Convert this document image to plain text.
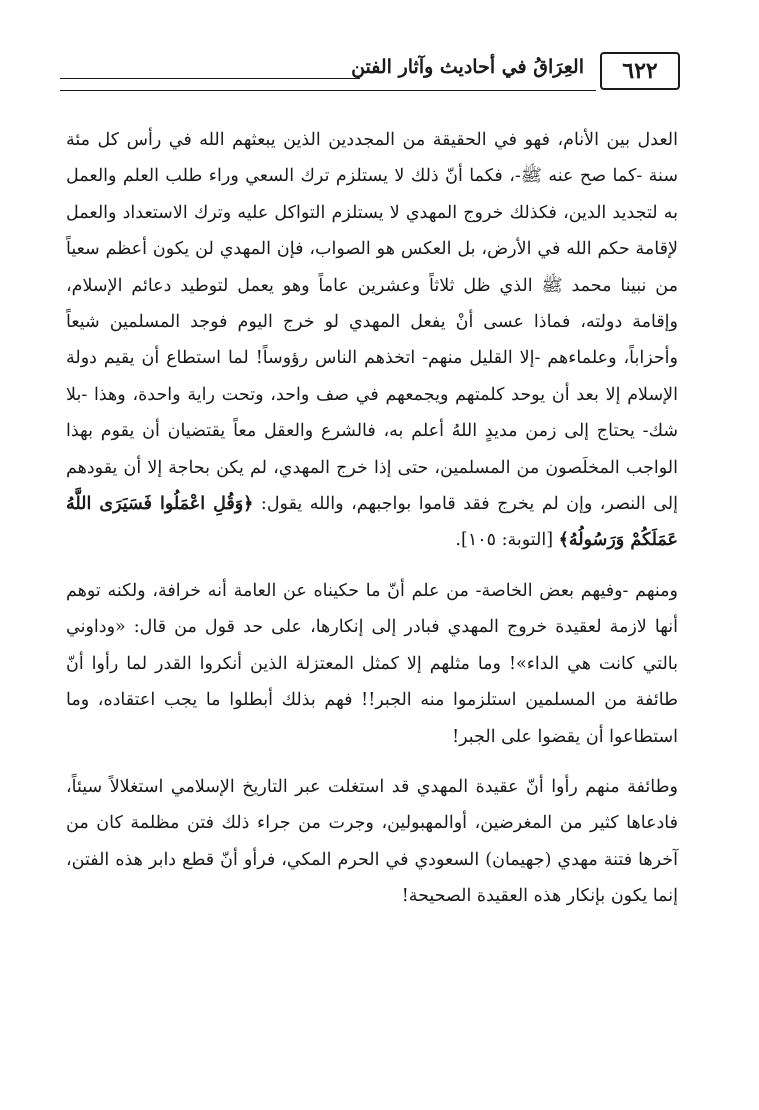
٦٢٢
العِرَاقُ في أحاديث وآثار الفتن

العدل بين الأنام، فهو في الحقيقة من المجددين الذين يبعثهم الله في رأس كل مئة سنة -كما صح عنه ﷺ-، فكما أنّ ذلك لا يستلزم ترك السعي وراء طلب العلم والعمل به لتجديد الدين، فكذلك خروج المهدي لا يستلزم التواكل عليه وترك الاستعداد والعمل لإقامة حكم الله في الأرض، بل العكس هو الصواب، فإن المهدي لن يكون أعظم سعياً من نبينا محمد ﷺ الذي ظل ثلاثاً وعشرين عاماً وهو يعمل لتوطيد دعائم الإسلام، وإقامة دولته، فماذا عسى أنْ يفعل المهدي لو خرج اليوم فوجد المسلمين شيعاً وأحزاباً، وعلماءهم -إلا القليل منهم- اتخذهم الناس رؤوساً! لما استطاع أن يقيم دولة الإسلام إلا بعد أن يوحد كلمتهم ويجمعهم في صف واحد، وتحت راية واحدة، وهذا -بلا شك- يحتاج إلى زمن مديدٍ اللهُ أعلم به، فالشرع والعقل معاً يقتضيان أن يقوم بهذا الواجب المخلَصون من المسلمين، حتى إذا خرج المهدي، لم يكن بحاجة إلا أن يقودهم إلى النصر، وإن لم يخرج فقد قاموا بواجبهم، والله يقول: ﴿وَقُلِ اعْمَلُوا فَسَيَرَى اللَّهُ عَمَلَكُمْ وَرَسُولُهُ﴾ [التوبة: ١٠٥].

ومنهم -وفيهم بعض الخاصة- من علم أنّ ما حكيناه عن العامة أنه خرافة، ولكنه توهم أنها لازمة لعقيدة خروج المهدي فبادر إلى إنكارها، على حد قول من قال: «وداوني بالتي كانت هي الداء»! وما مثلهم إلا كمثل المعتزلة الذين أنكروا القدر لما رأوا أنّ طائفة من المسلمين استلزموا منه الجبر!! فهم بذلك أبطلوا ما يجب اعتقاده، وما استطاعوا أن يقضوا على الجبر!

وطائفة منهم رأوا أنّ عقيدة المهدي قد استغلت عبر التاريخ الإسلامي استغلالاً سيئاً، فادعاها كثير من المغرضين، أوالمهبولين، وجرت من جراء ذلك فتن مظلمة كان من آخرها فتنة مهدي (جهيمان) السعودي في الحرم المكي، فرأو أنّ قطع دابر هذه الفتن، إنما يكون بإنكار هذه العقيدة الصحيحة!
